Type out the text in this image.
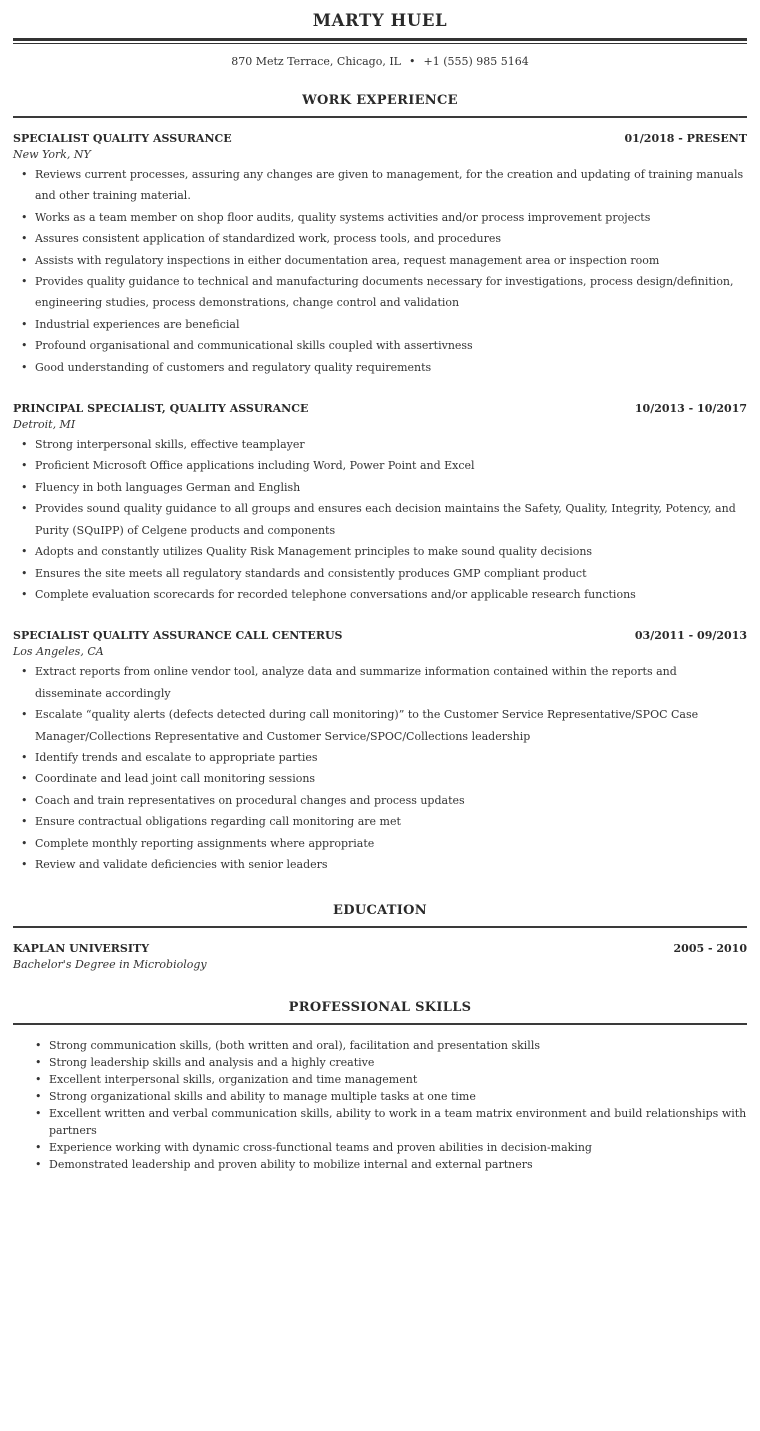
MARTY HUEL
870 Metz Terrace, Chicago, IL • +1 (555) 985 5164
WORK EXPERIENCE
SPECIALIST QUALITY ASSURANCE	01/2018 - PRESENT
New York, NY
• Reviews current processes, assuring any changes are given to management, for the creation and updating of training manuals and other training material.
• Works as a team member on shop floor audits, quality systems activities and/or process improvement projects
• Assures consistent application of standardized work, process tools, and procedures
• Assists with regulatory inspections in either documentation area, request management area or inspection room
• Provides quality guidance to technical and manufacturing documents necessary for investigations, process design/definition, engineering studies, process demonstrations, change control and validation
• Industrial experiences are beneficial
• Profound organisational and communicational skills coupled with assertivness
• Good understanding of customers and regulatory quality requirements
PRINCIPAL SPECIALIST, QUALITY ASSURANCE	10/2013 - 10/2017
Detroit, MI
• Strong interpersonal skills, effective teamplayer
• Proficient Microsoft Office applications including Word, Power Point and Excel
• Fluency in both languages German and English
• Provides sound quality guidance to all groups and ensures each decision maintains the Safety, Quality, Integrity, Potency, and Purity (SQuIPP) of Celgene products and components
• Adopts and constantly utilizes Quality Risk Management principles to make sound quality decisions
• Ensures the site meets all regulatory standards and consistently produces GMP compliant product
• Complete evaluation scorecards for recorded telephone conversations and/or applicable research functions
SPECIALIST QUALITY ASSURANCE CALL CENTERUS	03/2011 - 09/2013
Los Angeles, CA
• Extract reports from online vendor tool, analyze data and summarize information contained within the reports and disseminate accordingly
• Escalate “quality alerts (defects detected during call monitoring)” to the Customer Service Representative/SPOC Case Manager/Collections Representative and Customer Service/SPOC/Collections leadership
• Identify trends and escalate to appropriate parties
• Coordinate and lead joint call monitoring sessions
• Coach and train representatives on procedural changes and process updates
• Ensure contractual obligations regarding call monitoring are met
• Complete monthly reporting assignments where appropriate
• Review and validate deficiencies with senior leaders
EDUCATION
KAPLAN UNIVERSITY	2005 - 2010
Bachelor's Degree in Microbiology
PROFESSIONAL SKILLS
• Strong communication skills, (both written and oral), facilitation and presentation skills
• Strong leadership skills and analysis and a highly creative
• Excellent interpersonal skills, organization and time management
• Strong organizational skills and ability to manage multiple tasks at one time
• Excellent written and verbal communication skills, ability to work in a team matrix environment and build relationships with partners
• Experience working with dynamic cross-functional teams and proven abilities in decision-making
• Demonstrated leadership and proven ability to mobilize internal and external partners
